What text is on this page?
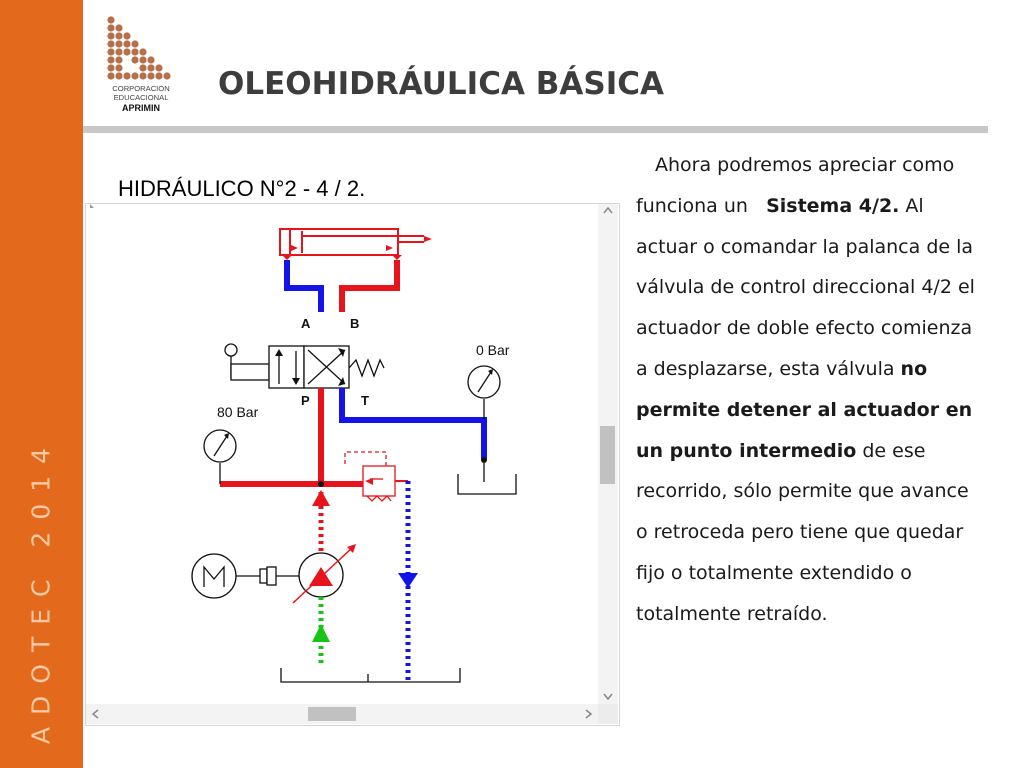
ADOTEC 2014
CORPORACION
EDUCACIONAL
APRIMIN
OLEOHIDRÁULICA BÁSICA
HIDRÁULICO N°2 - 4 / 2.
A	B
P	T
0 Bar
80 Bar

 Ahora podremos apreciar como funciona un   Sistema 4/2. Al actuar o comandar la palanca de la válvula de control direccional 4/2 el actuador de doble efecto comienza a desplazarse, esta válvula no permite detener al actuador en un punto intermedio de ese recorrido, sólo permite que avance o retroceda pero tiene que quedar fijo o totalmente extendido o totalmente retraído.
